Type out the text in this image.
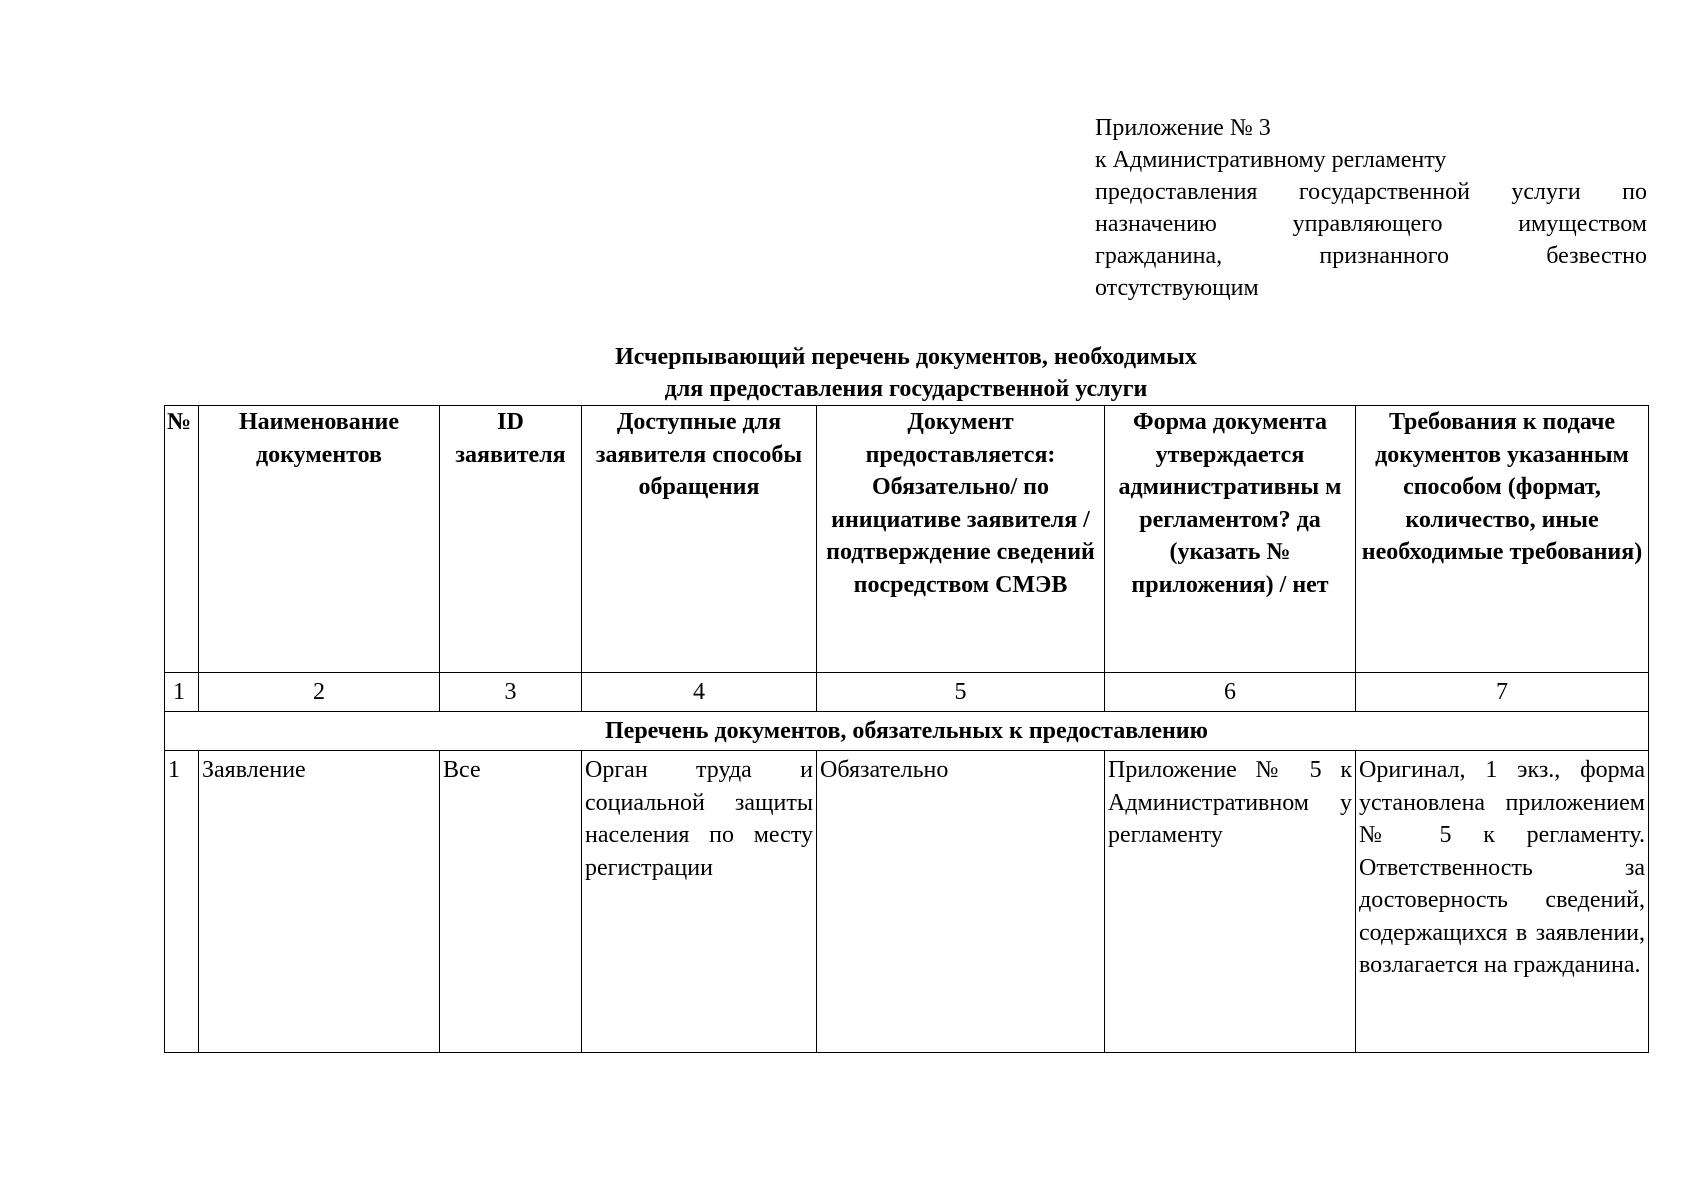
Приложение № 3
к Административному регламенту
предоставления государственной услуги по
назначению управляющего имуществом
гражданина, признанного безвестно
отсутствующим
Исчерпывающий перечень документов, необходимых
для предоставления государственной услуги
№	Наименование документов	ID заявителя	Доступные для заявителя способы обращения	Документ предоставляется: Обязательно/ по инициативе заявителя /подтверждение сведений посредством СМЭВ	Форма документа утверждается административны м регламентом? да (указать № приложения) / нет	Требования к подаче документов указанным способом (формат, количество, иные необходимые требования)
1	2	3	4	5	6	7
Перечень документов, обязательных к предоставлению						
1	Заявление	Все	Орган труда и социальной защиты населения по месту регистрации	Обязательно	Приложение № 5 к Административном у регламенту	Оригинал, 1 экз., форма установлена приложением № 5 к регламенту. Ответственность за достоверность сведений, содержащихся в заявлении, возлагается на гражданина.
